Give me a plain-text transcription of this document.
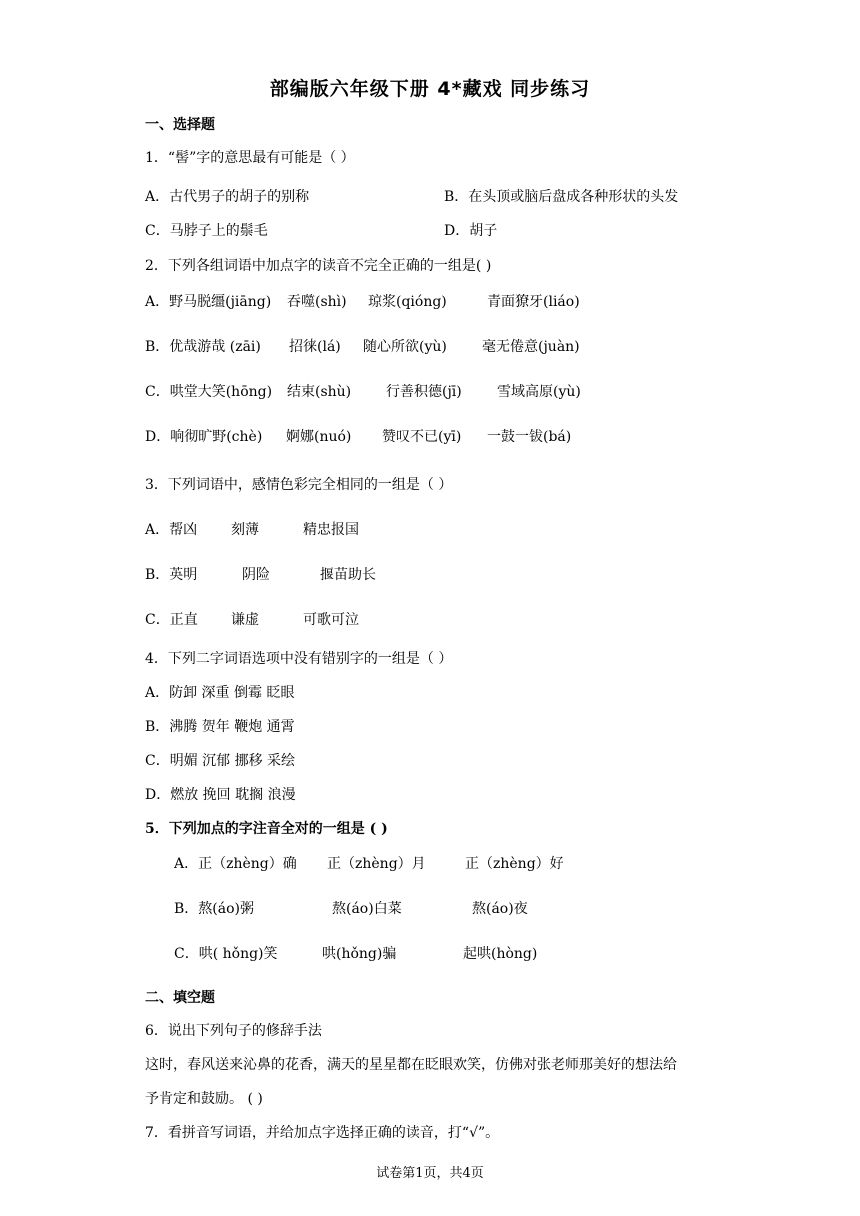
部编版六年级下册 4*藏戏 同步练习
一、选择题
1．“髻”字的意思最有可能是（ ）
A．古代男子的胡子的别称	B．在头顶或脑后盘成各种形状的头发
C．马脖子上的鬃毛	D．胡子
2．下列各组词语中加点字的读音不完全正确的一组是( )
A．野马脱缰(jiāng) 吞噬(shì) 琼浆(qióng)	青面獠牙(liáo)
B．优哉游哉 (zāi) 招徕(lá) 随心所欲(yù)	毫无倦意(juàn)
C．哄堂大笑(hōng) 结束(shù) 行善积德(jī)	雪域高原(yù)
D．响彻旷野(chè) 婀娜(nuó) 赞叹不已(yī) 一鼓一钹(bá)
3．下列词语中，感情色彩完全相同的一组是（ ）
A．帮凶 刻薄	精忠报国
B．英明	阴险	揠苗助长
C．正直 谦虚	可歌可泣
4．下列二字词语选项中没有错别字的一组是（ ）
A．防卸 深重 倒霉 眨眼
B．沸腾 贺年 鞭炮 通霄
C．明媚 沉郁 挪移 采绘
D．燃放 挽回 耽搁 浪漫
5．下列加点的字注音全对的一组是 ( )
A．正（zhèng）确 正（zhèng）月	正（zhèng）好
B．熬(áo)粥	熬(áo)白菜	熬(áo)夜
C．哄( hǒng)笑	哄(hǒng)骗	起哄(hòng)
二、填空题
6．说出下列句子的修辞手法
这时，春风送来沁鼻的花香，满天的星星都在眨眼欢笑，仿佛对张老师那美好的想法给
予肯定和鼓励。 ( )
7．看拼音写词语，并给加点字选择正确的读音，打“√”。
试卷第1页，共4页
